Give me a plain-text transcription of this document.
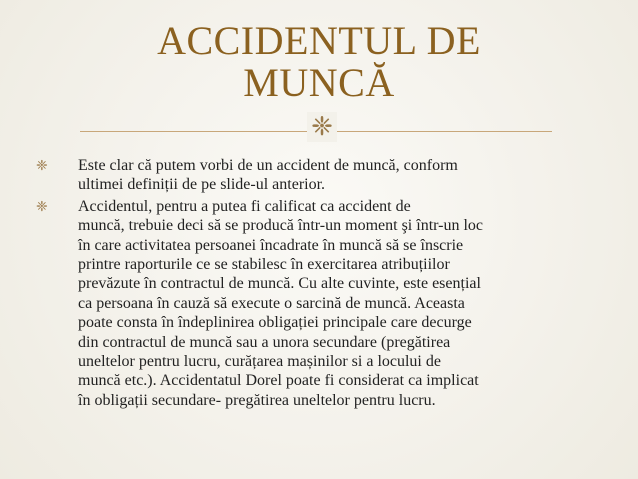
ACCIDENTUL DE
MUNCĂ
❈
❈	Este clar că putem vorbi de un accident de muncă, conform
ultimei definiții de pe slide-ul anterior.
❈	Accidentul, pentru a putea fi calificat ca accident de
muncă, trebuie deci să se producă într-un moment şi într-un loc
în care activitatea persoanei încadrate în muncă să se înscrie
printre raporturile ce se stabilesc în exercitarea atribuțiilor
prevăzute în contractul de muncă. Cu alte cuvinte, este esențial
ca persoana în cauză să execute o sarcină de muncă. Aceasta
poate consta în îndeplinirea obligației principale care decurge
din contractul de muncă sau a unora secundare (pregătirea
uneltelor pentru lucru, curățarea mașinilor si a locului de
muncă etc.). Accidentatul Dorel poate fi considerat ca implicat
în obligații secundare- pregătirea uneltelor pentru lucru.
